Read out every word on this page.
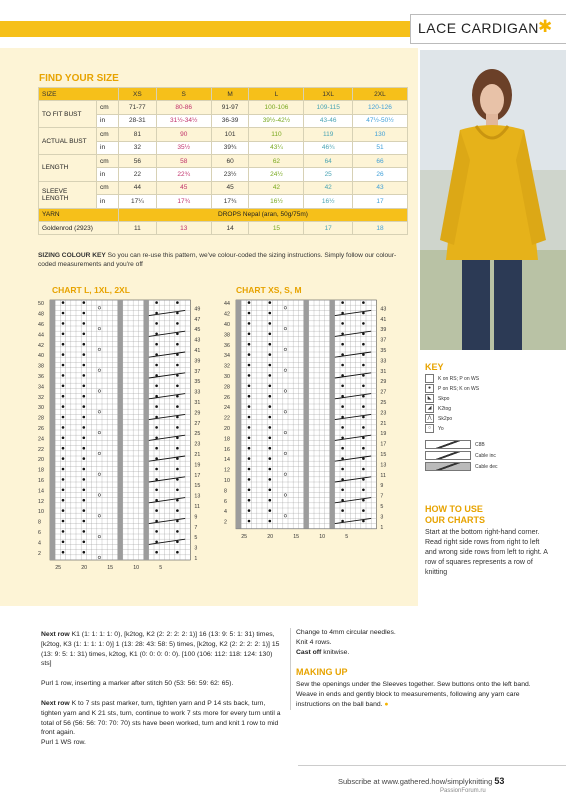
LACE CARDIGAN ✱
FIND YOUR SIZE
SIZE		XS	S	M	L	1XL	2XL
TO FIT BUST	cm	71-77	80-86	91-97	100-106	109-115	120-126
	in	28-31	31½-34½	36-39	39½-42½	43-46	47½-50½
ACTUAL BUST	cm	81	90	101	110	119	130
	in	32	35½	39¾	43¼	46¾	51
LENGTH	cm	56	58	60	62	64	66
	in	22	22¾	23½	24½	25	26
SLEEVE
LENGTH	cm	44	45	45	42	42	43
	in	17¼	17¾	17¾	16½	16½	17
YARN		DROPS Nepal (aran, 50g/75m)					
Goldenrod (2923)		11	13	14	15	17	18
SIZING COLOUR KEY So you can re-use this pattern, we've colour-coded the sizing instructions. Simply follow our colour-coded measurements and you're off
CHART L, 1XL, 2XL	CHART XS, S, M
50
48
46
44
42
40
38
36
34
32
30
28
26
24
22
20
18
16
14
12
10
8
6
4
2
49
47
45
43
41
39
37
35
33
31
29
27
25
23
21
19
17
15
13
11
9
7
5
3
1
25	20	15	10	5
44
42
40
38
36
34
32
30
28
26
24
22
20
18
16
14
12
10
8
6
4
2
43
41
39
37
35
33
31
29
27
25
23
21
19
17
15
13
11
9
7
5
3
1
25	20	15	10	5
KEY
K on RS; P on WS
● P on RS; K on WS
◣ Skpo
◢ K2tog
⋀ Sk2po
○ Yo
C8B
Cable inc
Cable dec
HOW TO USE
OUR CHARTS
Start at the bottom right-hand corner. Read right side rows from right to left and wrong side rows from left to right. A row of squares represents a row of knitting

Next row K1 (1: 1: 1: 1: 0), [k2tog, K2 (2: 2: 2: 2: 1)] 16 (13: 9: 5: 1: 31) times, [k2tog, K3 (1: 1: 1: 1: 0)] 1 (13: 28: 43: 58: 5) times, [k2tog, K2 (2: 2: 2: 2: 1)] 15 (13: 9: 5: 1: 31) times, k2tog, K1 (0: 0: 0: 0: 0). [100 (106: 112: 118: 124: 130) sts]

Purl 1 row, inserting a marker after stitch 50 (53: 56: 59: 62: 65).

Next row K to 7 sts past marker, turn, tighten yarn and P 14 sts back, turn, tighten yarn and K 21 sts, turn, continue to work 7 sts more for every turn until a total of 56 (56: 56: 70: 70: 70) sts have been worked, turn and knit 1 row to mid front again.
Purl 1 WS row.

Change to 4mm circular needles.

Knit 4 rows.

Cast off knitwise.

MAKING UP
Sew the openings under the Sleeves together. Sew buttons onto the left band. Weave in ends and gently block to measurements, following any yarn care instructions on the ball band. ●
Subscribe at www.gathered.how/simplyknitting 53
PassionForum.ru
